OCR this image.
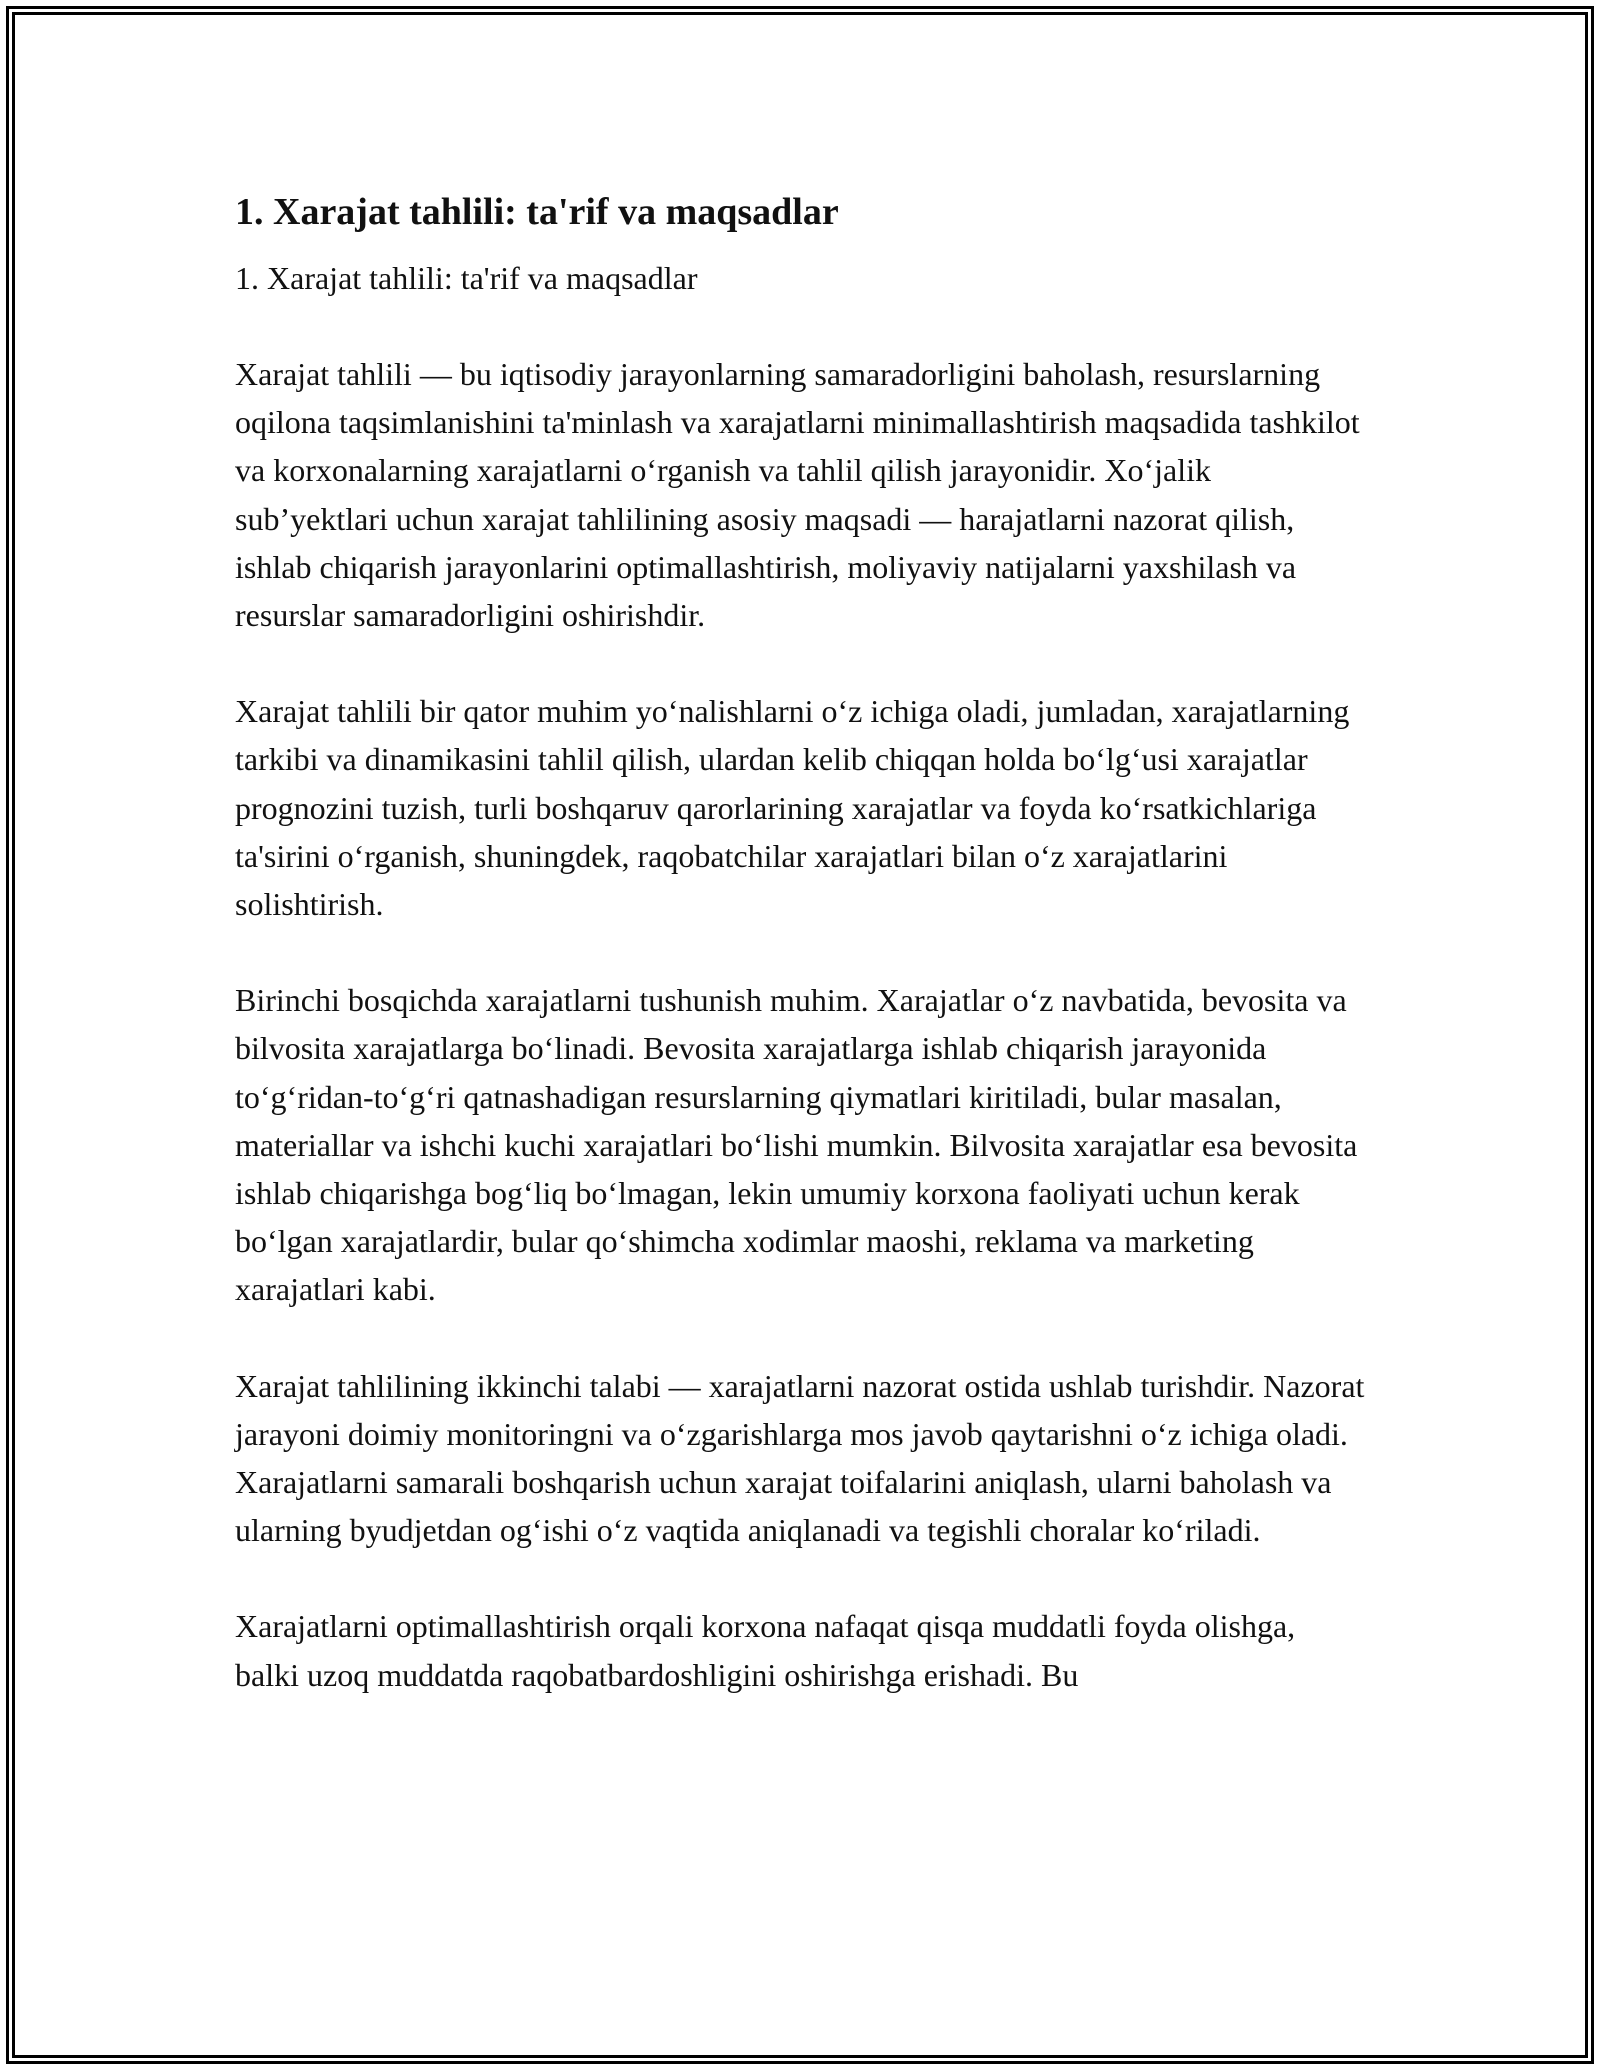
1. Xarajat tahlili: ta'rif va maqsadlar
1. Xarajat tahlili: ta'rif va maqsadlar

Xarajat tahlili — bu iqtisodiy jarayonlarning samaradorligini baholash, resurslarning oqilona taqsimlanishini ta'minlash va xarajatlarni minimallashtirish maqsadida tashkilot va korxonalarning xarajatlarni oʻrganish va tahlil qilish jarayonidir. Xoʻjalik sub’yektlari uchun xarajat tahlilining asosiy maqsadi — harajatlarni nazorat qilish, ishlab chiqarish jarayonlarini optimallashtirish, moliyaviy natijalarni yaxshilash va resurslar samaradorligini oshirishdir.

Xarajat tahlili bir qator muhim yoʻnalishlarni oʻz ichiga oladi, jumladan, xarajatlarning tarkibi va dinamikasini tahlil qilish, ulardan kelib chiqqan holda boʻlgʻusi xarajatlar prognozini tuzish, turli boshqaruv qarorlarining xarajatlar va foyda koʻrsatkichlariga ta'sirini oʻrganish, shuningdek, raqobatchilar xarajatlari bilan oʻz xarajatlarini solishtirish.

Birinchi bosqichda xarajatlarni tushunish muhim. Xarajatlar oʻz navbatida, bevosita va bilvosita xarajatlarga boʻlinadi. Bevosita xarajatlarga ishlab chiqarish jarayonida toʻgʻridan-toʻgʻri qatnashadigan resurslarning qiymatlari kiritiladi, bular masalan, materiallar va ishchi kuchi xarajatlari boʻlishi mumkin. Bilvosita xarajatlar esa bevosita ishlab chiqarishga bogʻliq boʻlmagan, lekin umumiy korxona faoliyati uchun kerak boʻlgan xarajatlardir, bular qoʻshimcha xodimlar maoshi, reklama va marketing xarajatlari kabi.

Xarajat tahlilining ikkinchi talabi — xarajatlarni nazorat ostida ushlab turishdir. Nazorat jarayoni doimiy monitoringni va oʻzgarishlarga mos javob qaytarishni oʻz ichiga oladi. Xarajatlarni samarali boshqarish uchun xarajat toifalarini aniqlash, ularni baholash va ularning byudjetdan ogʻishi oʻz vaqtida aniqlanadi va tegishli choralar koʻriladi.

Xarajatlarni optimallashtirish orqali korxona nafaqat qisqa muddatli foyda olishga, balki uzoq muddatda raqobatbardoshligini oshirishga erishadi. Bu
